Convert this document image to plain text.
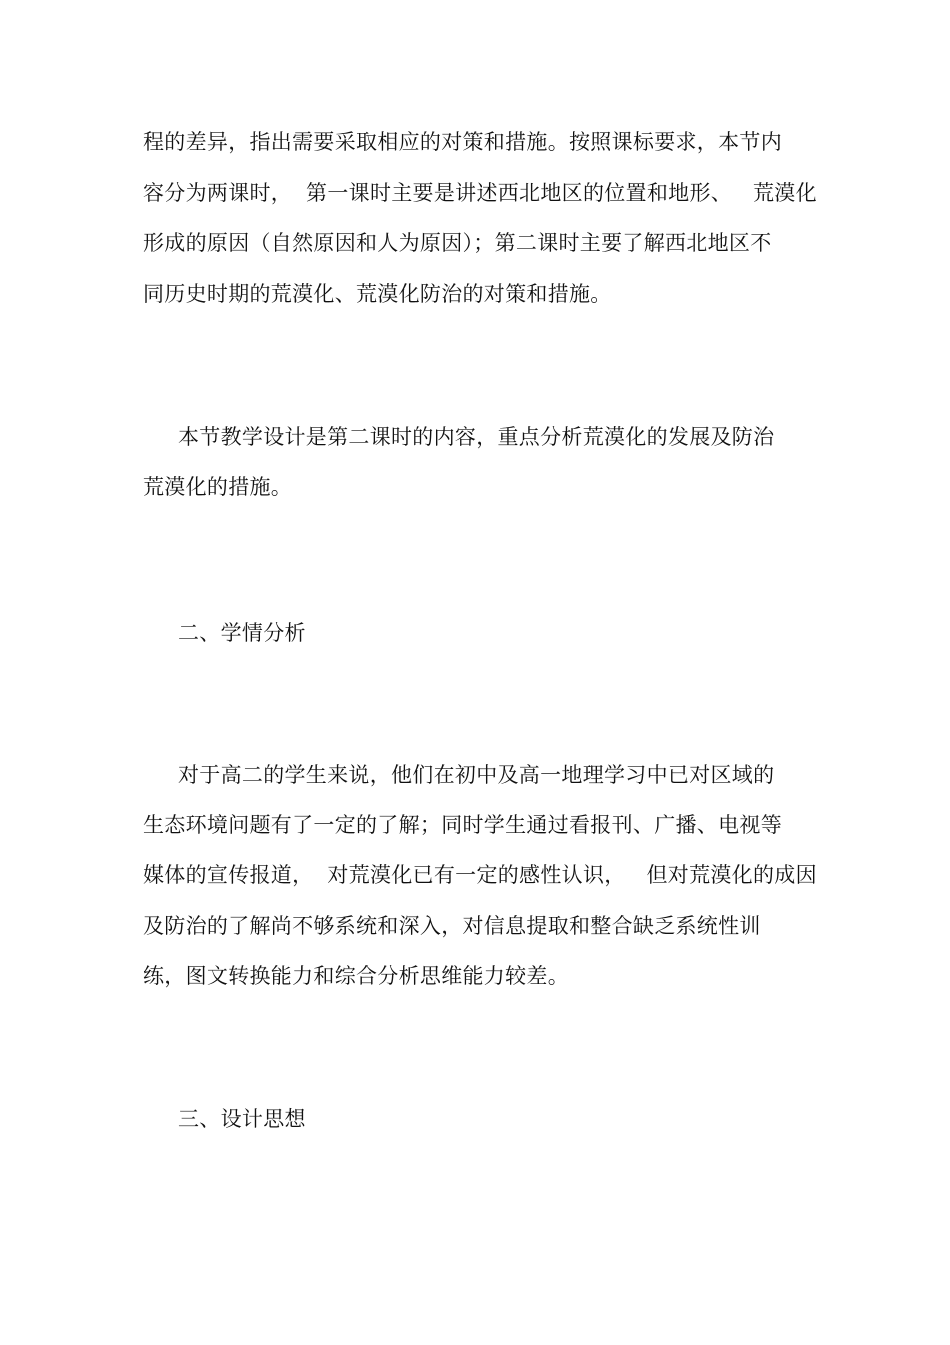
程的差异，指出需要采取相应的对策和措施。按照课标要求，本节内
容分为两课时，  第一课时主要是讲述西北地区的位置和地形、   荒漠化
形成的原因（自然原因和人为原因）；第二课时主要了解西北地区不
同历史时期的荒漠化、荒漠化防治的对策和措施。
本节教学设计是第二课时的内容，重点分析荒漠化的发展及防治
荒漠化的措施。
二、学情分析
对于高二的学生来说，他们在初中及高一地理学习中已对区域的
生态环境问题有了一定的了解；同时学生通过看报刊、广播、电视等
媒体的宣传报道，  对荒漠化已有一定的感性认识，   但对荒漠化的成因
及防治的了解尚不够系统和深入，对信息提取和整合缺乏系统性训
练，图文转换能力和综合分析思维能力较差。
三、设计思想
